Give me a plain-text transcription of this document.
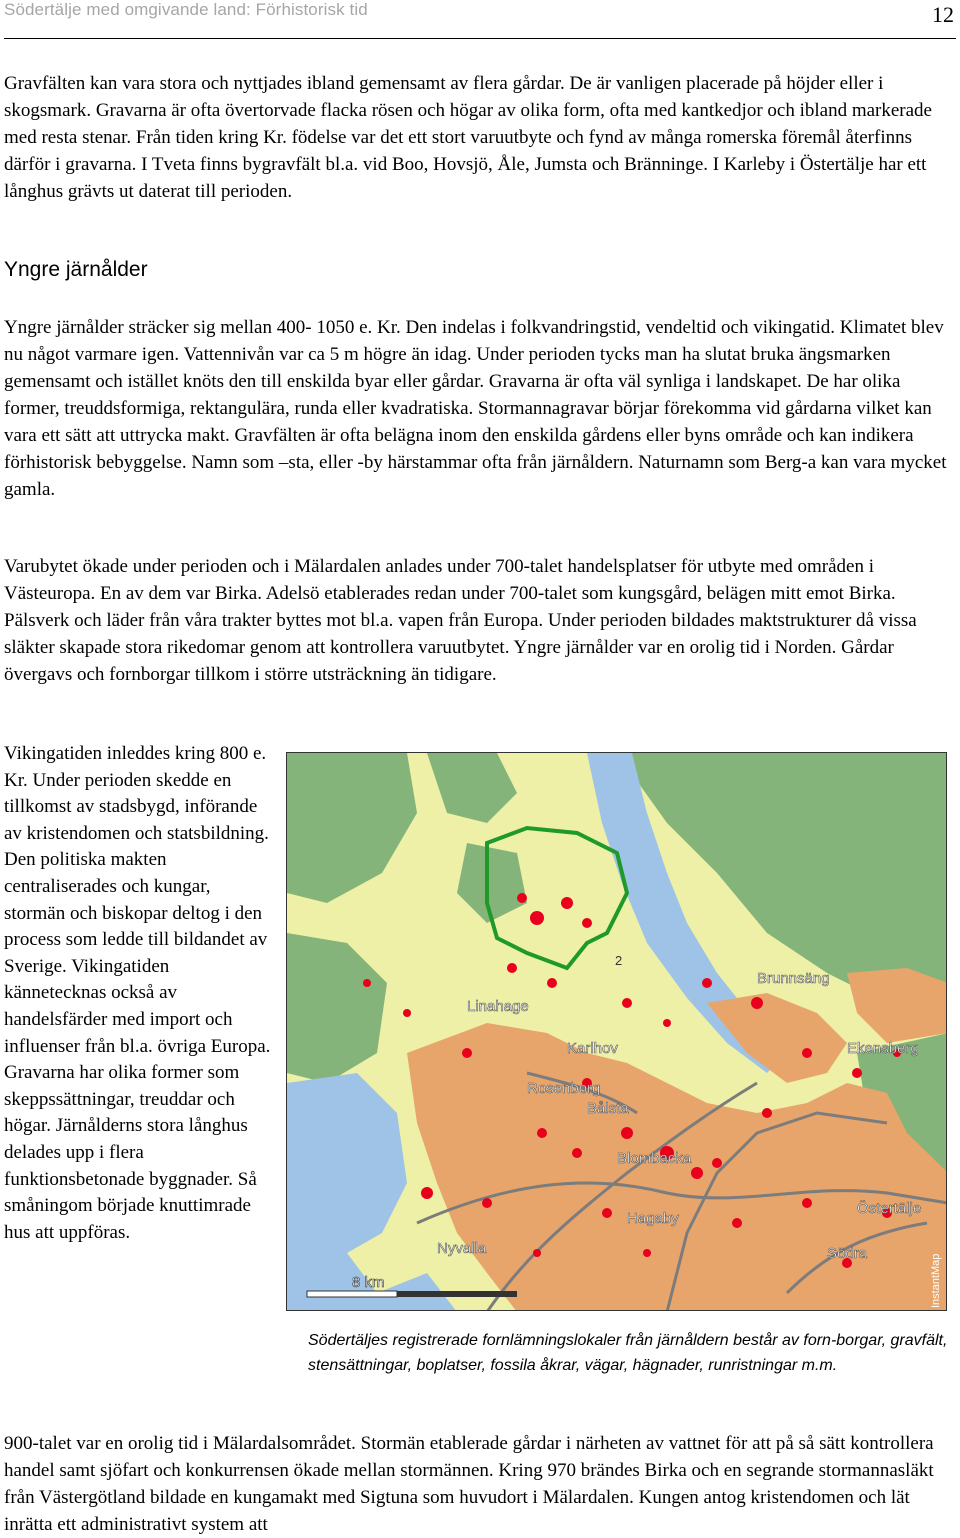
Södertälje med omgivande land: Förhistorisk tid	12

Gravfälten kan vara stora och nyttjades ibland gemensamt av flera gårdar. De är vanligen placerade på höjder eller i skogsmark. Gravarna är ofta övertorvade flacka rösen och högar av olika form, ofta med kantkedjor och ibland markerade med resta stenar. Från tiden kring Kr. födelse var det ett stort varuutbyte och fynd av många romerska föremål återfinns därför i gravarna. I Tveta finns bygravfält bl.a. vid Boo, Hovsjö, Åle, Jumsta och Bränninge. I Karleby i Östertälje har ett långhus grävts ut daterat till perioden.

Yngre järnålder

Yngre järnålder sträcker sig mellan 400- 1050 e. Kr. Den indelas i folkvandringstid, vendeltid och vikingatid. Klimatet blev nu något varmare igen. Vattennivån var ca 5 m högre än idag. Under perioden tycks man ha slutat bruka ängsmarken gemensamt och istället knöts den till enskilda byar eller gårdar. Gravarna är ofta väl synliga i landskapet. De har olika former, treuddsformiga, rektangulära, runda eller kvadratiska. Stormannagravar börjar förekomma vid gårdarna vilket kan vara ett sätt att uttrycka makt. Gravfälten är ofta belägna inom den enskilda gårdens eller byns område och kan indikera förhistorisk bebyggelse. Namn som –sta, eller -by härstammar ofta från järnåldern. Naturnamn som Berg-a kan vara mycket gamla.

Varubytet ökade under perioden och i Mälardalen anlades under 700-talet handelsplatser för utbyte med områden i Västeuropa. En av dem var Birka. Adelsö etablerades redan under 700-talet som kungsgård, belägen mitt emot Birka. Pälsverk och läder från våra trakter byttes mot bl.a. vapen från Europa. Under perioden bildades maktstrukturer då vissa släkter skapade stora rikedomar genom att kontrollera varuutbytet. Yngre järnålder var en orolig tid i Norden. Gårdar övergavs och fornborgar tillkom i större utsträckning än tidigare.

Vikingatiden inleddes kring 800 e. Kr. Under perioden skedde en tillkomst av stadsbygd, införande av kristendomen och statsbildning. Den politiska makten centraliserades och kungar, stormän och biskopar deltog i den process som ledde till bildandet av Sverige. Vikingatiden kännetecknas också av handelsfärder med import och influenser från bl.a. övriga Europa. Gravarna har olika former som skeppssättningar, treuddar och högar. Järnålderns stora långhus delades upp i flera funktionsbetonade byggnader. Så småningom började knuttimrade hus att uppföras.

Linahage
Brunnsäng
Karlhov	Ekensberg
Rosenborg
Bålsta
Blombacka
Hagaby
Nyvalla
Östertälje
Södra
2
8 km	InstantMap

Södertäljes registrerade fornlämningslokaler från järnåldern består av forn-borgar, gravfält, stensättningar, boplatser, fossila åkrar, vägar, hägnader, runristningar m.m.

900-talet var en orolig tid i Mälardalsområdet. Stormän etablerade gårdar i närheten av vattnet för att på så sätt kontrollera handel samt sjöfart och konkurrensen ökade mellan stormännen. Kring 970 brändes Birka och en segrande stormannasläkt från Västergötland bildade en kungamakt med Sigtuna som huvudort i Mälardalen. Kungen antog kristendomen och lät inrätta ett administrativt system att
